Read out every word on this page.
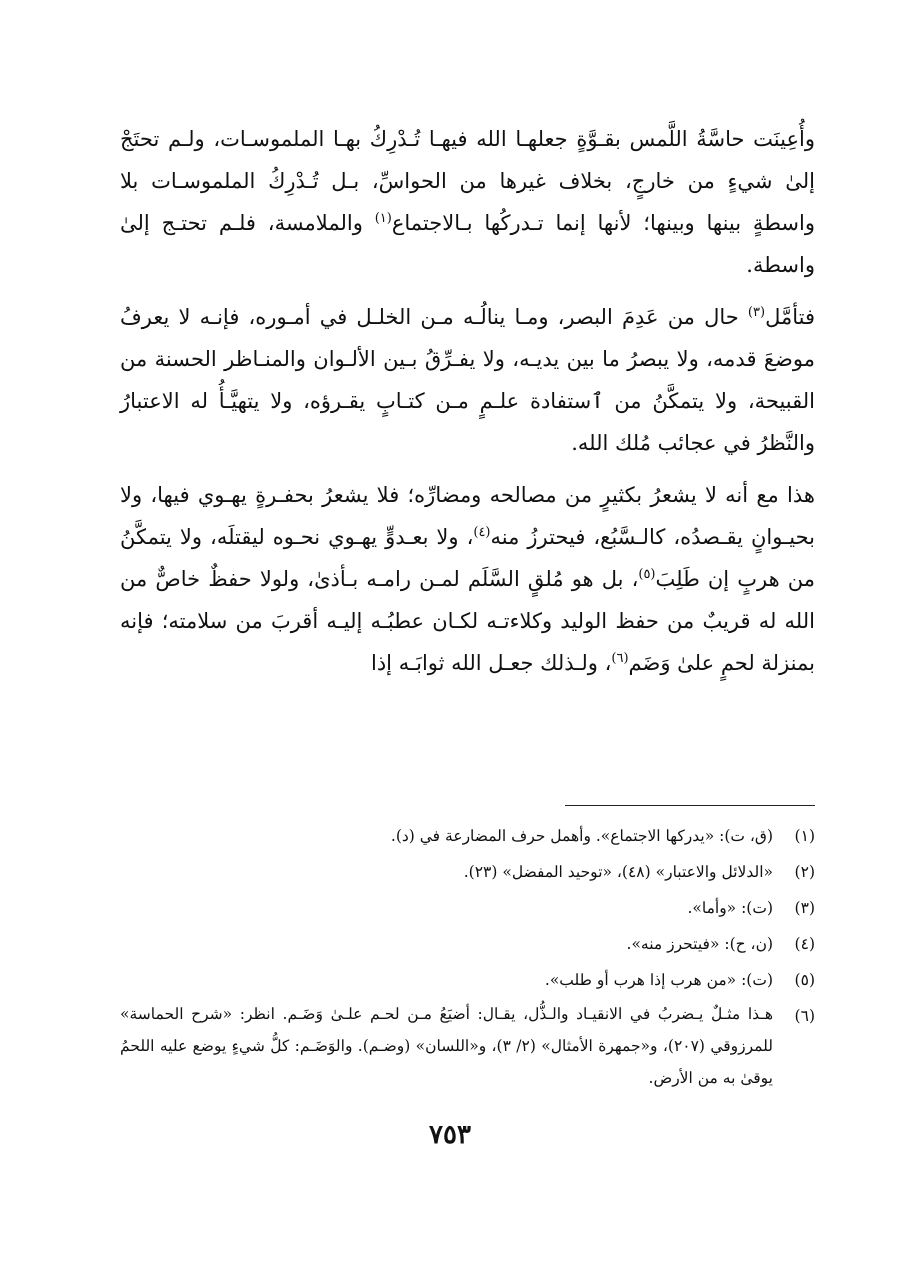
وأُعِينَت حاسَّةُ اللَّمس بقـوَّةٍ جعلهـا الله فيهـا تُـدْرِكُ بهـا الملموسـات، ولـم تحتَجْ إلىٰ شيءٍ من خارجٍ، بخلاف غيرها من الحواسِّ، بـل تُـدْرِكُ الملموسـات بلا واسطةٍ بينها وبينها؛ لأنها إنما تـدركُها بـالاجتماع$^{(١)}$ والملامسة، فلـم تحتـج إلىٰ واسطة.

فتأمَّل$^{(٣)}$ حال من عَدِمَ البصر، ومـا ينالُـه مـن الخلـل في أمـوره، فإنـه لا يعرفُ موضعَ قدمه، ولا يبصرُ ما بين يديـه، ولا يفـرِّقُ بـين الألـوان والمنـاظر الحسنة من القبيحة، ولا يتمكَّنُ من ٱستفادة علـمٍ مـن كتـابٍ يقـرؤه، ولا يتهيَّـأُ له الاعتبارُ والنَّظرُ في عجائب مُلك الله.

هذا مع أنه لا يشعرُ بكثيرٍ من مصالحه ومضارِّه؛ فلا يشعرُ بحفـرةٍ يهـوي فيها، ولا بحيـوانٍ يقـصدُه، كالـسَّبُع، فيحترزُ منه$^{(٤)}$، ولا بعـدوٍّ يهـوي نحـوه ليقتلَه، ولا يتمكَّنُ من هربٍ إن طَلِبَ$^{(٥)}$، بل هو مُلقٍ السَّلَم لمـن رامـه بـأذىٰ، ولولا حفظٌ خاصٌّ من الله له قريبٌ من حفظ الوليد وكلاءتـه لكـان عطبُـه إليـه أقربَ من سلامته؛ فإنه بمنزلة لحمٍ علىٰ وَضَم$^{(٦)}$، ولـذلك جعـل الله ثوابَـه إذا

(١)
(ق، ت): «يدركها الاجتماع». وأهمل حرف المضارعة في (د).
(٢)
«الدلائل والاعتبار» (٤٨)، «توحيد المفضل» (٢٣).
(٣)
(ت): «وأما».
(٤)
(ن، ح): «فيتحرز منه».
(٥)
(ت): «من هرب إذا هرب أو طلب».
(٦)
هـذا مثـلٌ يـضربُ في الانقيـاد والـذُّل، يقـال: أضيَعُ مـن لحـم علـىٰ وَضَـم. انظر: «شرح الحماسة» للمرزوقي (٢٠٧)، و«جمهرة الأمثال» (٢/ ٣)، و«اللسان» (وضـم). والوَضَـم: كلُّ شيءٍ يوضع عليه اللحمُ يوقىٰ به من الأرض.
٧٥٣
